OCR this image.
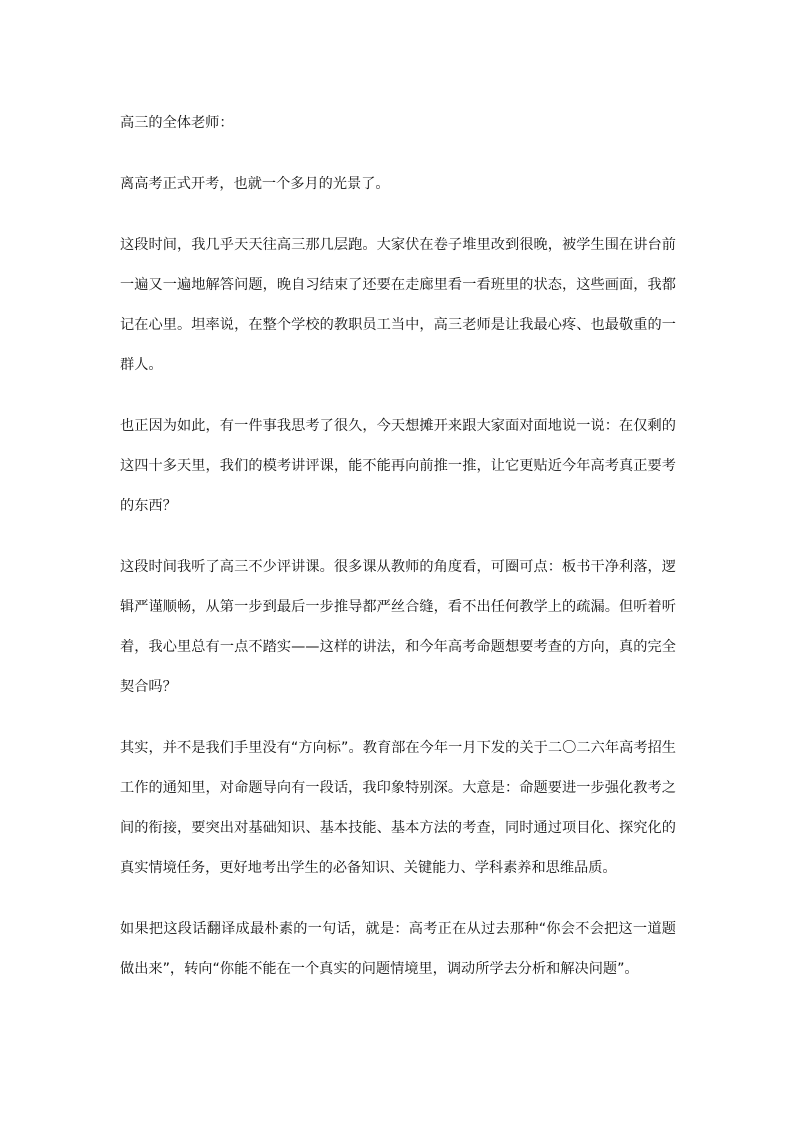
高三的全体老师：

离高考正式开考，也就一个多月的光景了。

这段时间，我几乎天天往高三那几层跑。大家伏在卷子堆里改到很晚，被学生围在讲台前一遍又一遍地解答问题，晚自习结束了还要在走廊里看一看班里的状态，这些画面，我都记在心里。坦率说，在整个学校的教职员工当中，高三老师是让我最心疼、也最敬重的一群人。

也正因为如此，有一件事我思考了很久，今天想摊开来跟大家面对面地说一说：在仅剩的这四十多天里，我们的模考讲评课，能不能再向前推一推，让它更贴近今年高考真正要考的东西？

这段时间我听了高三不少评讲课。很多课从教师的角度看，可圈可点：板书干净利落，逻辑严谨顺畅，从第一步到最后一步推导都严丝合缝，看不出任何教学上的疏漏。但听着听着，我心里总有一点不踏实——这样的讲法，和今年高考命题想要考查的方向，真的完全契合吗？

其实，并不是我们手里没有“方向标”。教育部在今年一月下发的关于二〇二六年高考招生工作的通知里，对命题导向有一段话，我印象特别深。大意是：命题要进一步强化教考之间的衔接，要突出对基础知识、基本技能、基本方法的考查，同时通过项目化、探究化的真实情境任务，更好地考出学生的必备知识、关键能力、学科素养和思维品质。

如果把这段话翻译成最朴素的一句话，就是：高考正在从过去那种“你会不会把这一道题做出来”，转向“你能不能在一个真实的问题情境里，调动所学去分析和解决问题”。
